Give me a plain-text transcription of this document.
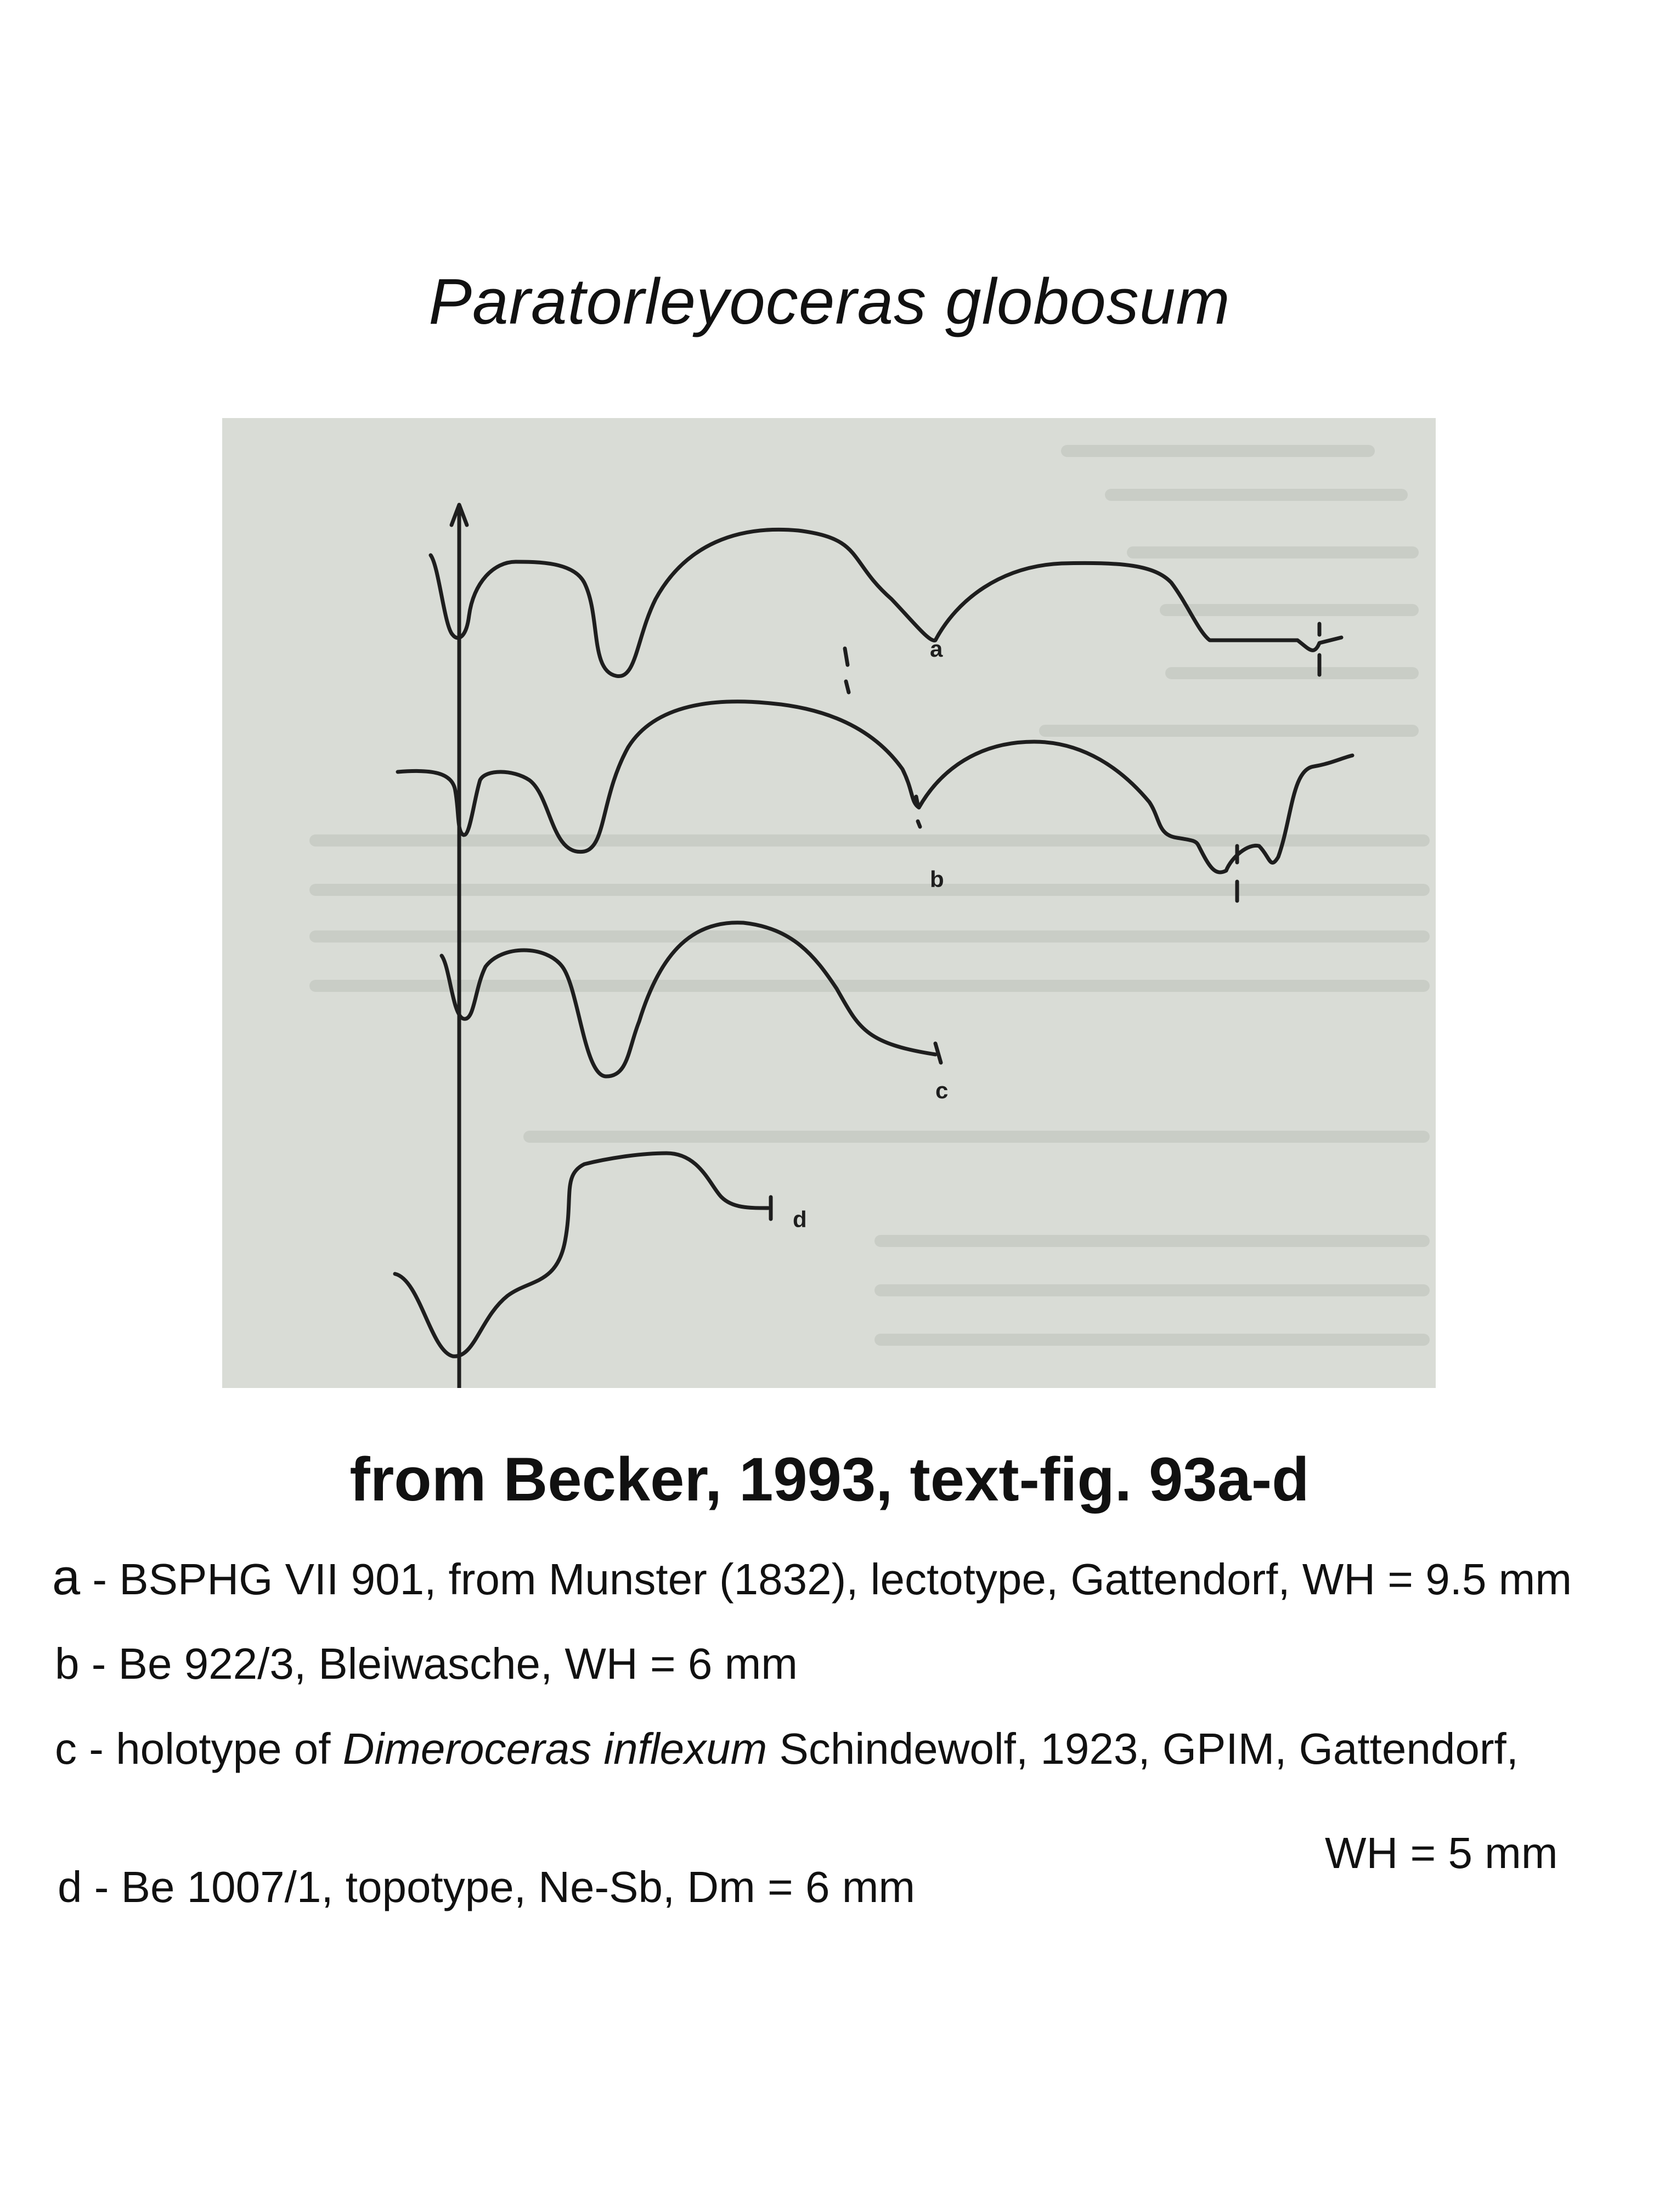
Paratorleyoceras globosum
a
b
c
d
from Becker, 1993, text-fig. 93a-d
a - BSPHG VII 901, from Munster (1832), lectotype, Gattendorf, WH = 9.5 mm
b - Be 922/3, Bleiwasche, WH = 6 mm
c - holotype of Dimeroceras inflexum Schindewolf, 1923, GPIM, Gattendorf,
WH = 5 mm
d - Be 1007/1, topotype, Ne-Sb, Dm = 6 mm
